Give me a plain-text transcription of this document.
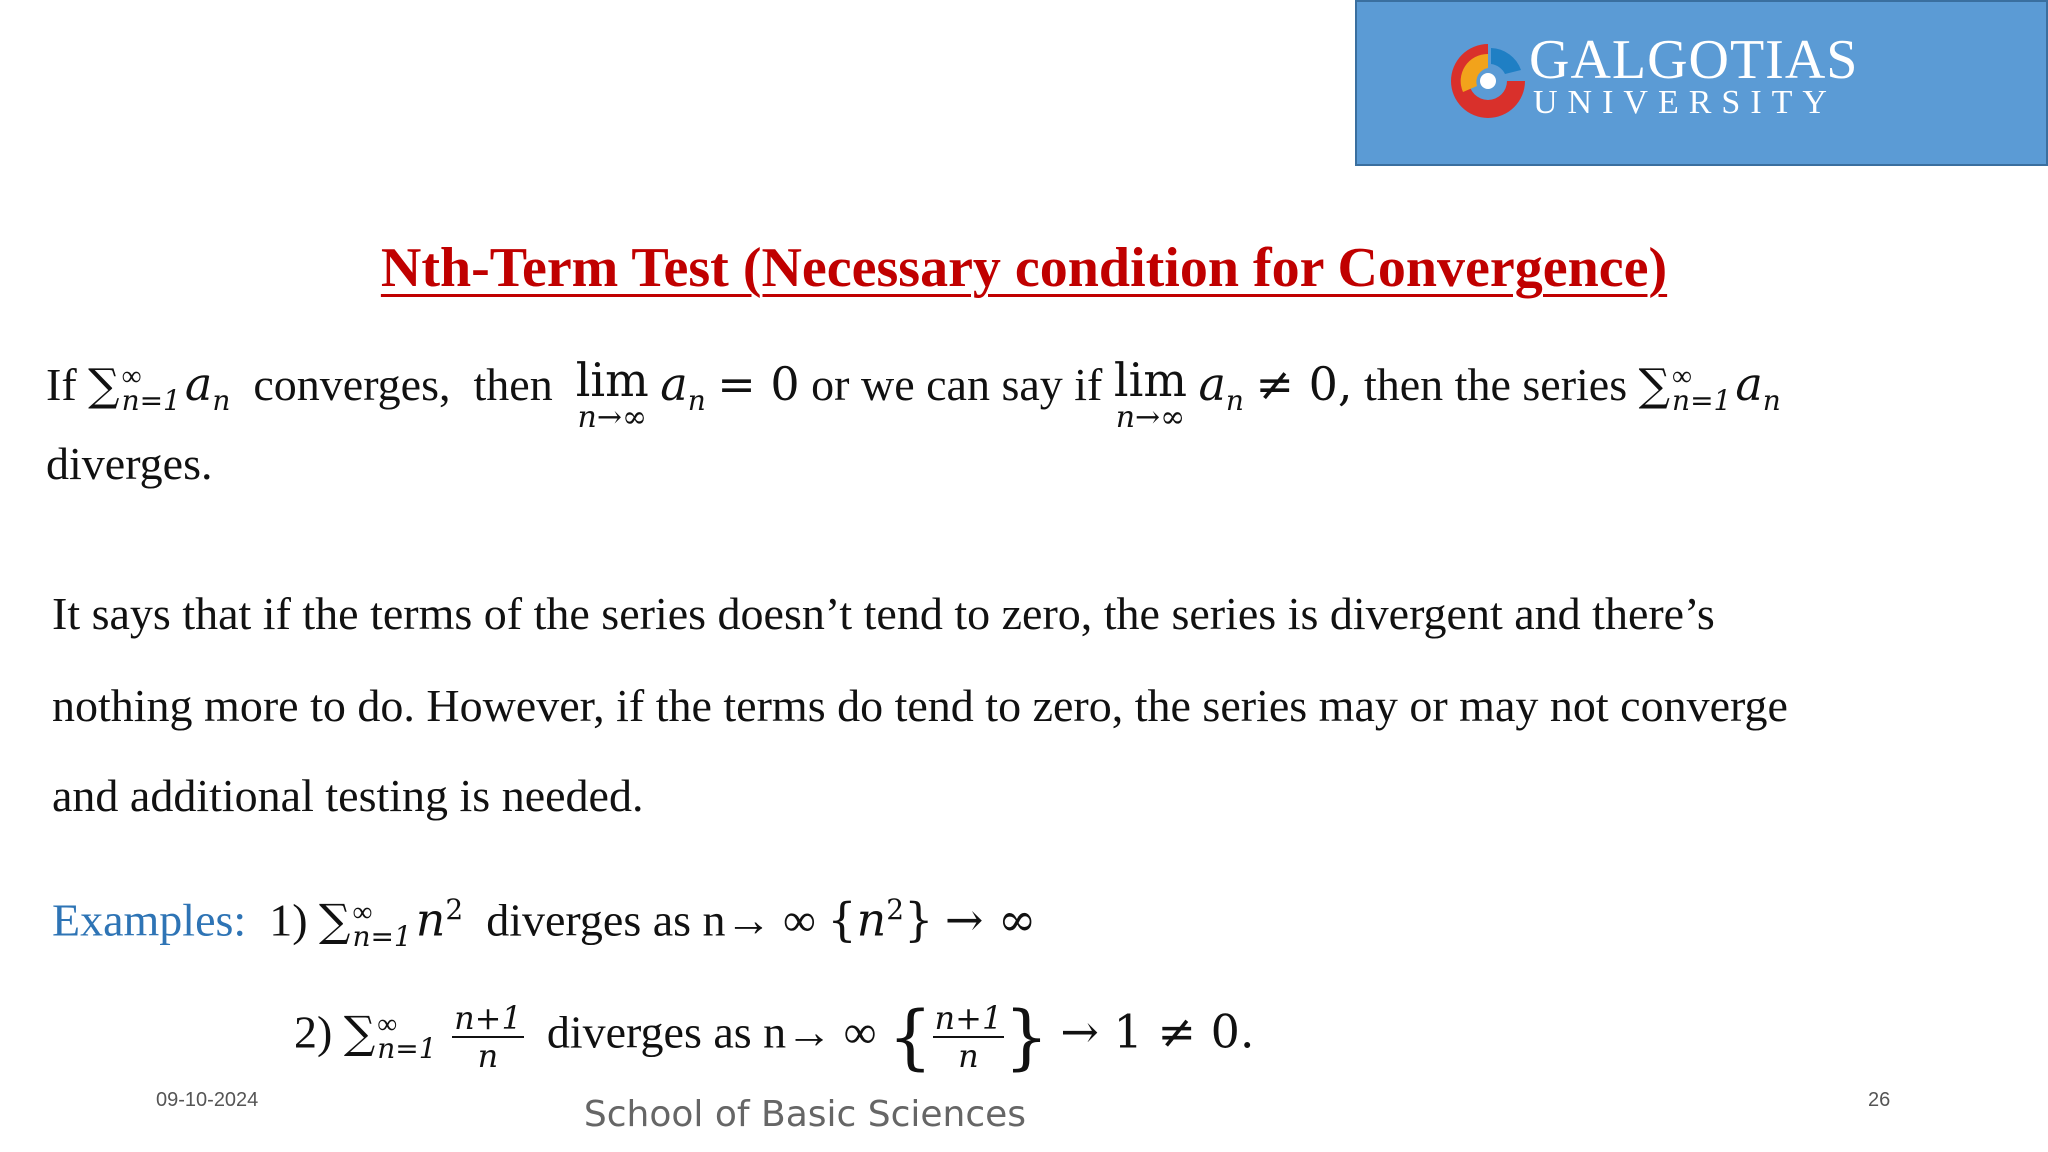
GALGOTIAS
UNIVERSITY
Nth-Term Test (Necessary condition for Convergence)
If ∑ ∞
n=1 $a_n$ converges, then lim
n→∞
$a_n = 0$ or we can say if lim
n→∞
$a_n \ne 0$, then the series ∑ ∞
n=1 $a_n$
diverges.
It says that if the terms of the series doesn’t tend to zero, the series is divergent and there’s
nothing more to do. However, if the terms do tend to zero, the series may or may not converge
and additional testing is needed.
Examples: 1) ∑ ∞
n=1 $n^2$ diverges as n→ ∞ $\{n^2\}$ → ∞
2) ∑ ∞
n=1
$\frac{n+1}{n}$ diverges as n→ ∞ { $\frac{n+1}{n}$ } → 1 ≠ 0.
09-10-2024	School of Basic Sciences	26
